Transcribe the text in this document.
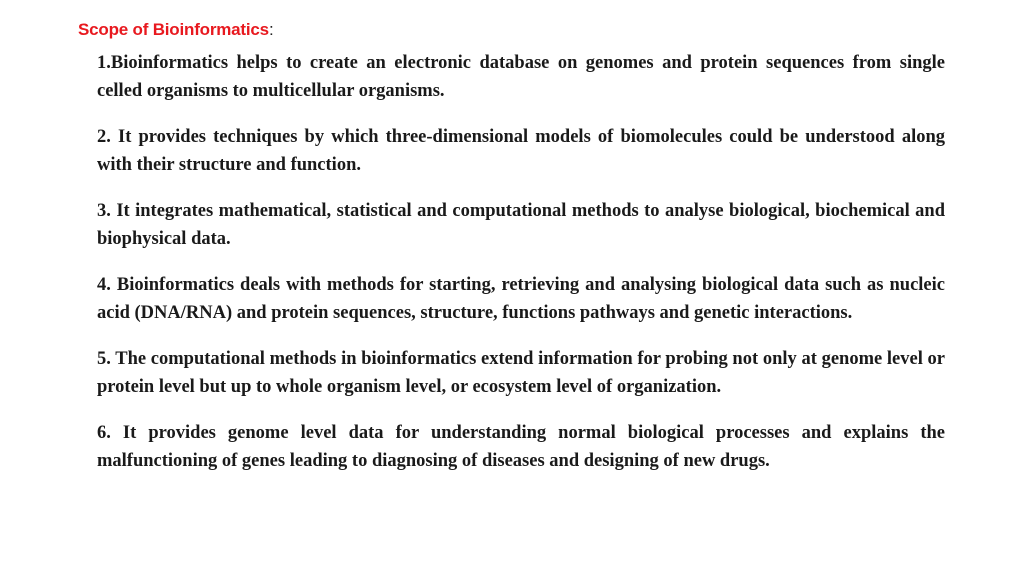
Scope of Bioinformatics:

1.Bioinformatics helps to create an electronic database on genomes and protein sequences from single celled organisms to multicellular organisms.

2. It provides techniques by which three-dimensional models of biomolecules could be understood along with their structure and function.

3. It integrates mathematical, statistical and computational methods to analyse biological, biochemical and biophysical data.

4. Bioinformatics deals with methods for starting, retrieving and analysing biological data such as nucleic acid (DNA/RNA) and protein sequences, structure, functions pathways and genetic interactions.

5. The computational methods in bioinformatics extend information for probing not only at genome level or protein level but up to whole organism level, or ecosystem level of organization.

6. It provides genome level data for understanding normal biological processes and explains the malfunctioning of genes leading to diagnosing of diseases and designing of new drugs.
